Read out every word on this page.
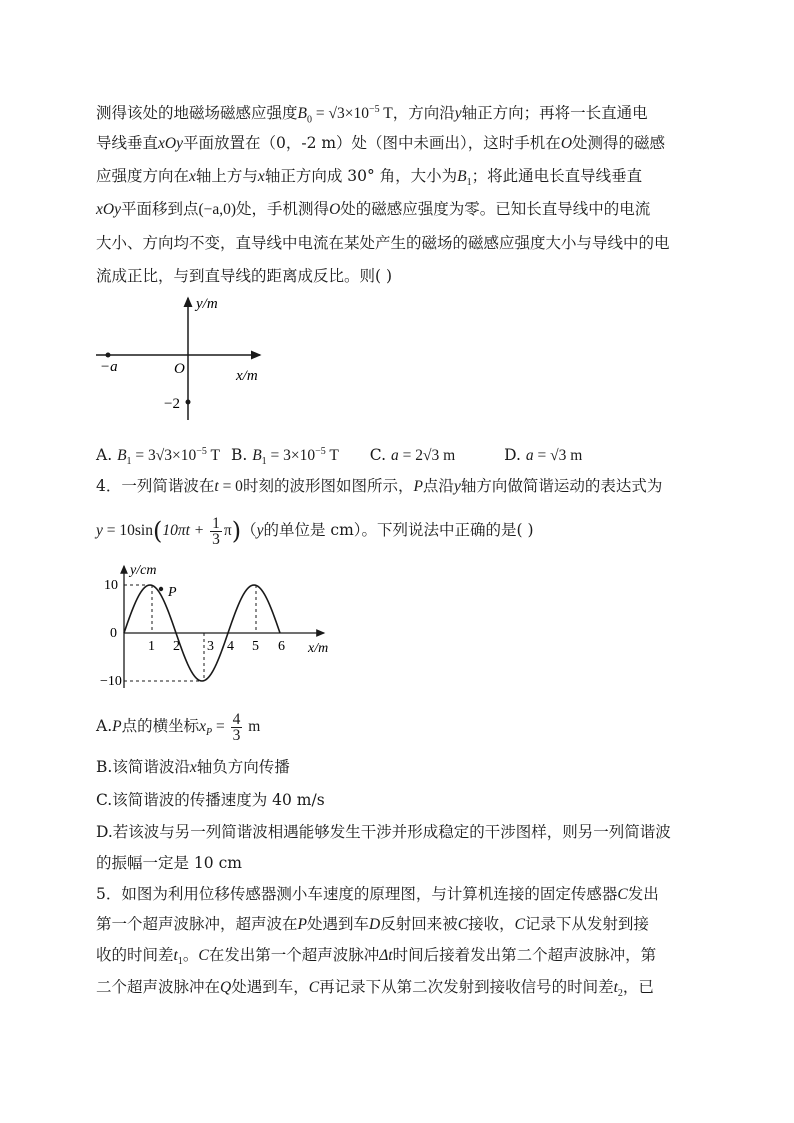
测得该处的地磁场磁感应强度$B_0 = √3\times 10^{-5}$ T，方向沿y轴正方向；再将一长直通电
导线垂直xOy平面放置在（0，-2 m）处（图中未画出），这时手机在O处测得的磁感
应强度方向在x轴上方与x轴正方向成 30° 角，大小为$B_1$；将此通电长直导线垂直
xOy平面移到点(−a,0)处，手机测得O处的磁感应强度为零。已知长直导线中的电流
大小、方向均不变，直导线中电流在某处产生的磁场的磁感应强度大小与导线中的电
流成正比，与到直导线的距离成反比。则( )
y/m
x/m
O
−a
−2
A. $B_1 = 3√3\times 10^{-5}$ T B. $B_1 = 3\times 10^{-5}$ T C. a = 2√3 m	D. a = √3 m
4．一列简谐波在t = 0时刻的波形图如图所示，P点沿y轴方向做简谐运动的表达式为
$y = 10\sin(10\pi t + \frac{1}{3} \pi)(y$的单位是 cm）。下列说法中正确的是( )
y/cm
x/m
P
10
−10
0
1 2 3 4 5 6
A.P点的横坐标$x_P = \frac{4}{3}$ m
B.该简谐波沿x轴负方向传播
C.该简谐波的传播速度为 40 m/s
D.若该波与另一列简谐波相遇能够发生干涉并形成稳定的干涉图样，则另一列简谐波
的振幅一定是 10 cm
5．如图为利用位移传感器测小车速度的原理图，与计算机连接的固定传感器C发出
第一个超声波脉冲，超声波在P处遇到车D反射回来被C接收，C记录下从发射到接
收的时间差$t_1$。C在发出第一个超声波脉冲Δt时间后接着发出第二个超声波脉冲，第
二个超声波脉冲在Q处遇到车，C再记录下从第二次发射到接收信号的时间差$t_2$，已
